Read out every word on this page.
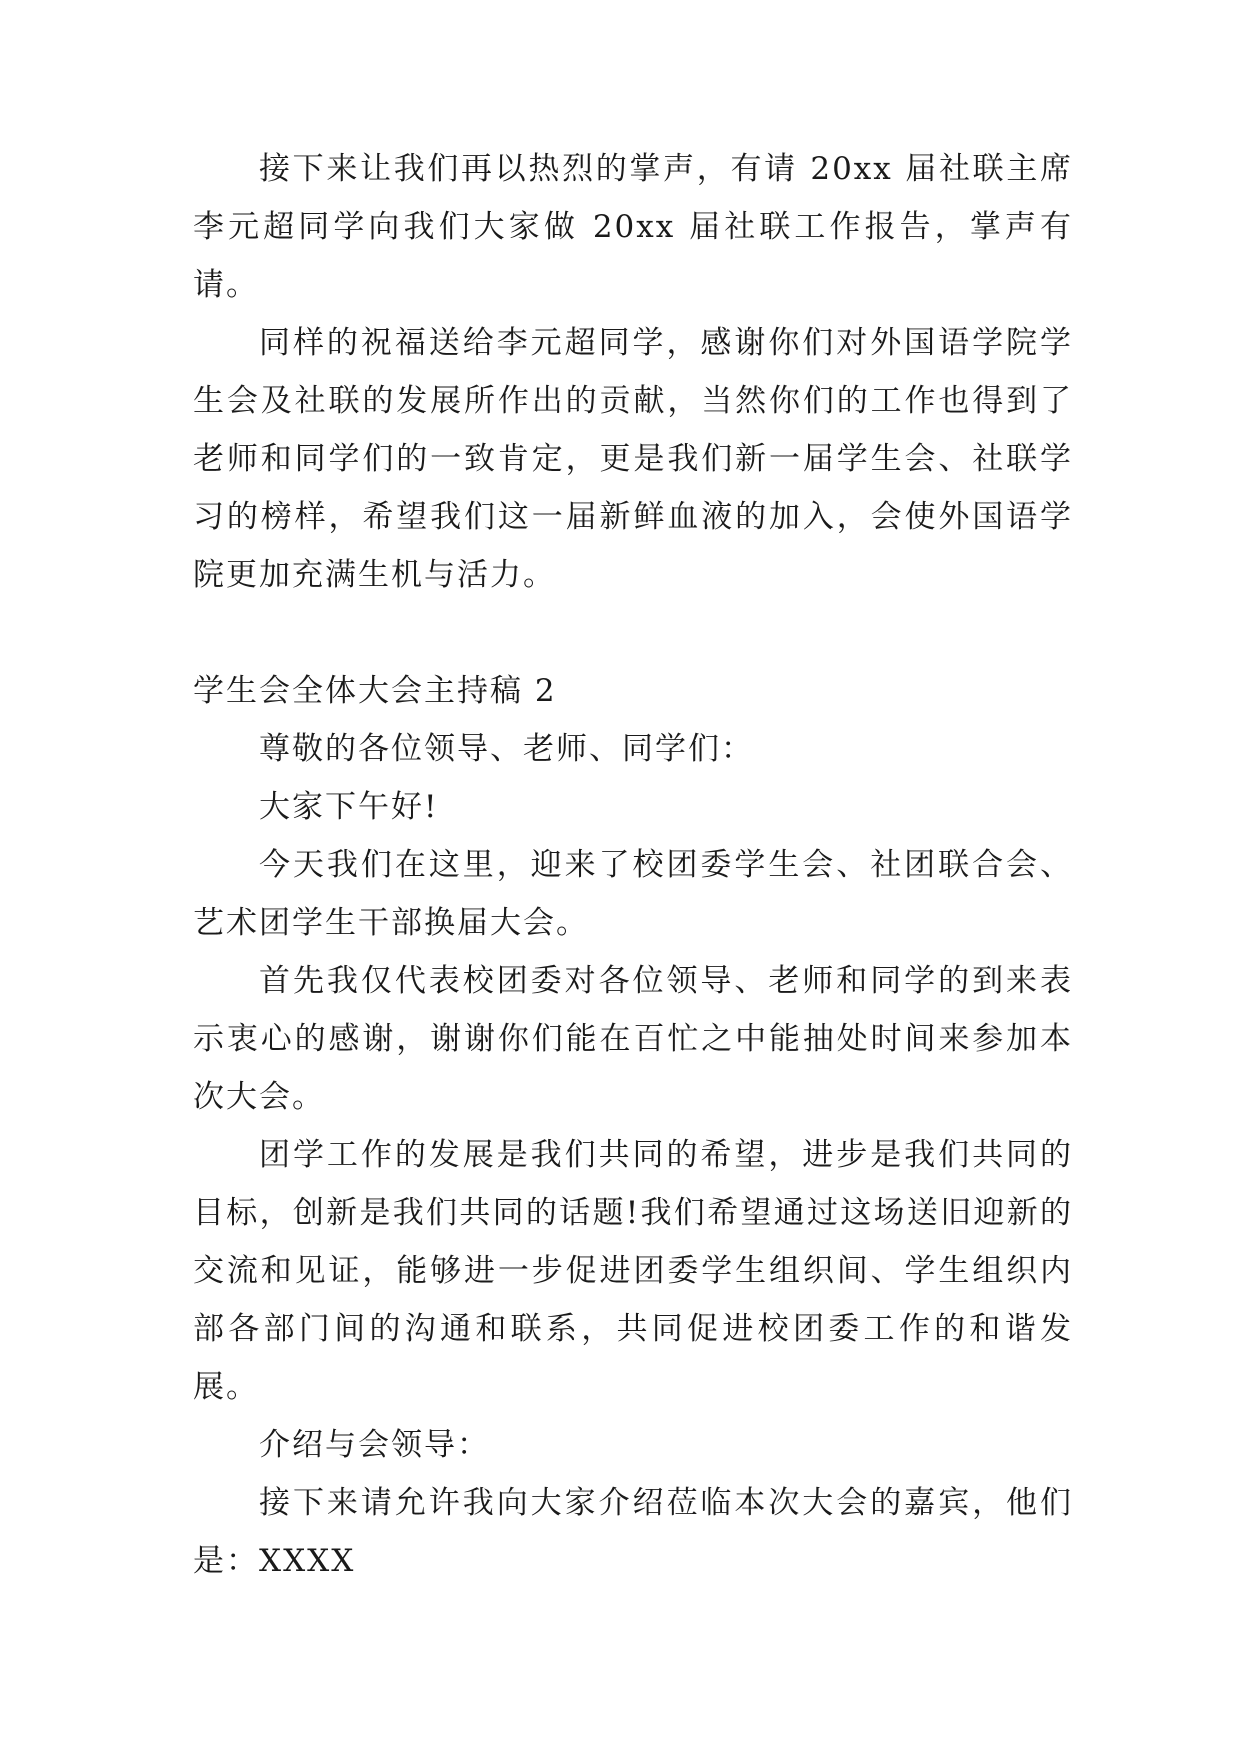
接下来让我们再以热烈的掌声，有请 20xx 届社联主席李元超同学向我们大家做 20xx 届社联工作报告，掌声有请。

同样的祝福送给李元超同学，感谢你们对外国语学院学生会及社联的发展所作出的贡献，当然你们的工作也得到了老师和同学们的一致肯定，更是我们新一届学生会、社联学习的榜样，希望我们这一届新鲜血液的加入，会使外国语学院更加充满生机与活力。

学生会全体大会主持稿 2

尊敬的各位领导、老师、同学们：

大家下午好!

今天我们在这里，迎来了校团委学生会、社团联合会、艺术团学生干部换届大会。

首先我仅代表校团委对各位领导、老师和同学的到来表示衷心的感谢，谢谢你们能在百忙之中能抽处时间来参加本次大会。

团学工作的发展是我们共同的希望，进步是我们共同的目标，创新是我们共同的话题!我们希望通过这场送旧迎新的交流和见证，能够进一步促进团委学生组织间、学生组织内部各部门间的沟通和联系，共同促进校团委工作的和谐发展。

介绍与会领导：

接下来请允许我向大家介绍莅临本次大会的嘉宾，他们是：XXXX
